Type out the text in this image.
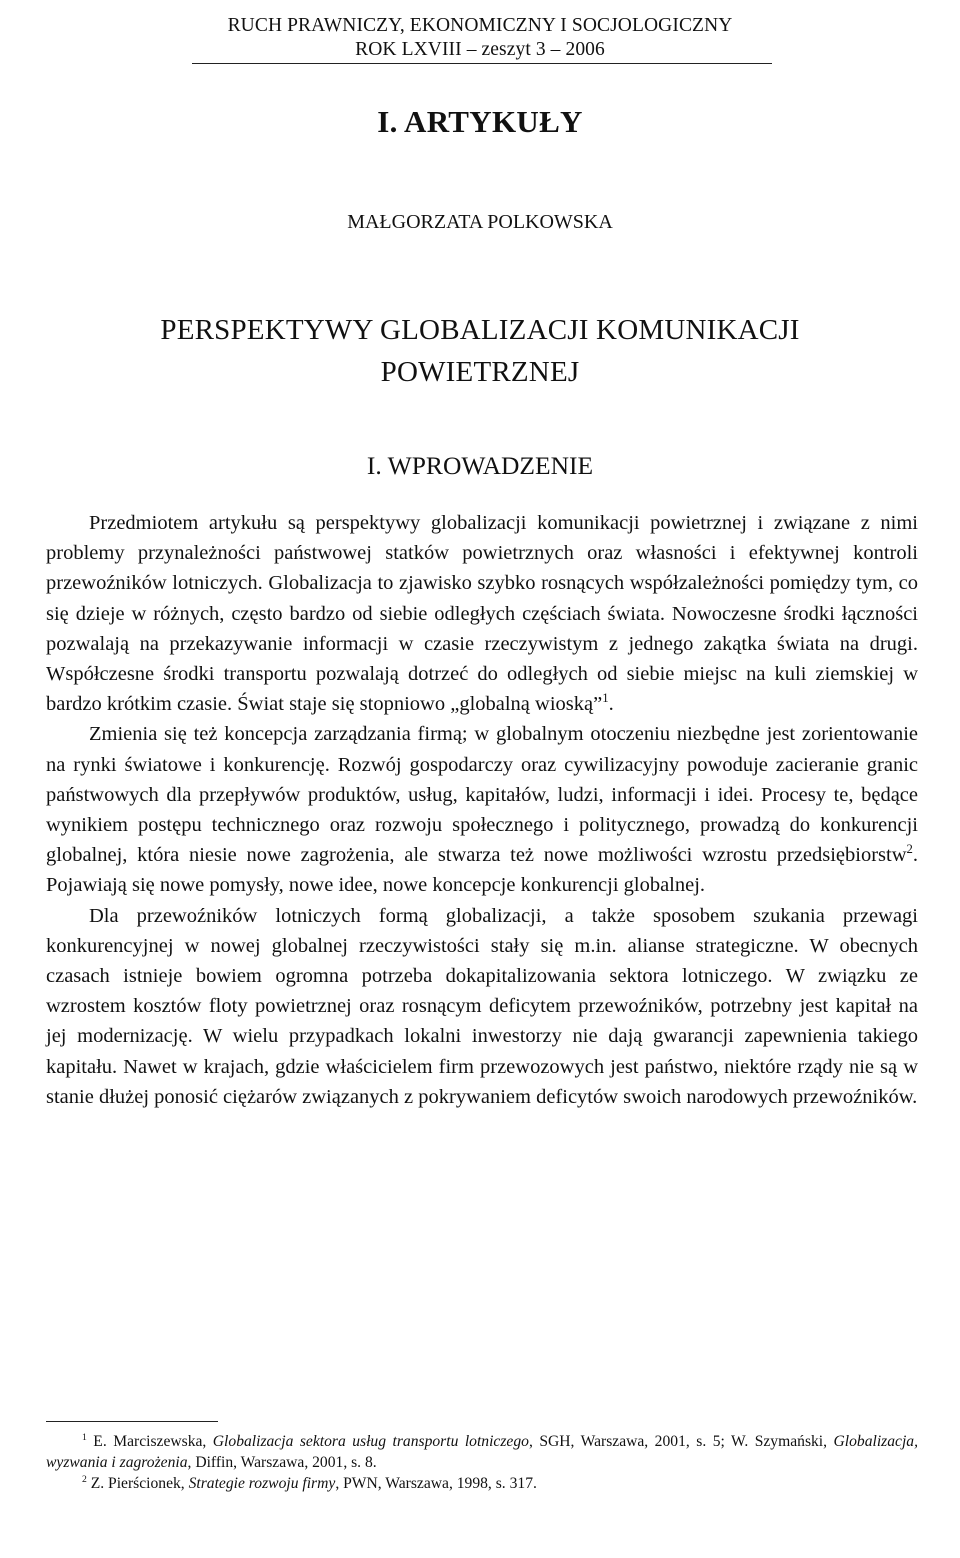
RUCH PRAWNICZY, EKONOMICZNY I SOCJOLOGICZNY
ROK LXVIII – zeszyt 3 – 2006
I. ARTYKUŁY
MAŁGORZATA POLKOWSKA
PERSPEKTYWY GLOBALIZACJI KOMUNIKACJI
POWIETRZNEJ
I. WPROWADZENIE

Przedmiotem artykułu są perspektywy globalizacji komunikacji powietrznej i związane z nimi problemy przynależności państwowej statków powietrznych oraz własności i efektywnej kontroli przewoźników lotniczych. Globalizacja to zjawisko szybko rosnących współzależności pomiędzy tym, co się dzieje w różnych, często bardzo od siebie odległych częściach świata. Nowoczesne środki łączności pozwalają na przekazywanie informacji w czasie rzeczywistym z jednego zakątka świata na drugi. Współczesne środki transportu pozwalają dotrzeć do odległych od siebie miejsc na kuli ziemskiej w bardzo krótkim czasie. Świat staje się stopniowo „globalną wioską”$^1$.

Zmienia się też koncepcja zarządzania firmą; w globalnym otoczeniu niezbędne jest zorientowanie na rynki światowe i konkurencję. Rozwój gospodarczy oraz cywilizacyjny powoduje zacieranie granic państwowych dla przepływów produktów, usług, kapitałów, ludzi, informacji i idei. Procesy te, będące wynikiem postępu technicznego oraz rozwoju społecznego i politycznego, prowadzą do konkurencji globalnej, która niesie nowe zagrożenia, ale stwarza też nowe możliwości wzrostu przedsiębiorstw$^2$. Pojawiają się nowe pomysły, nowe idee, nowe koncepcje konkurencji globalnej.

Dla przewoźników lotniczych formą globalizacji, a także sposobem szukania przewagi konkurencyjnej w nowej globalnej rzeczywistości stały się m.in. alianse strategiczne. W obecnych czasach istnieje bowiem ogromna potrzeba dokapitalizowania sektora lotniczego. W związku ze wzrostem kosztów floty powietrznej oraz rosnącym deficytem przewoźników, potrzebny jest kapitał na jej modernizację. W wielu przypadkach lokalni inwestorzy nie dają gwarancji zapewnienia takiego kapitału. Nawet w krajach, gdzie właścicielem firm przewozowych jest państwo, niektóre rządy nie są w stanie dłużej ponosić ciężarów związanych z pokrywaniem deficytów swoich narodowych przewoźników.

$^1$ E. Marciszewska, Globalizacja sektora usług transportu lotniczego, SGH, Warszawa, 2001, s. 5; W. Szymański, Globalizacja, wyzwania i zagrożenia, Diffin, Warszawa, 2001, s. 8.

$^2$ Z. Pierścionek, Strategie rozwoju firmy, PWN, Warszawa, 1998, s. 317.
